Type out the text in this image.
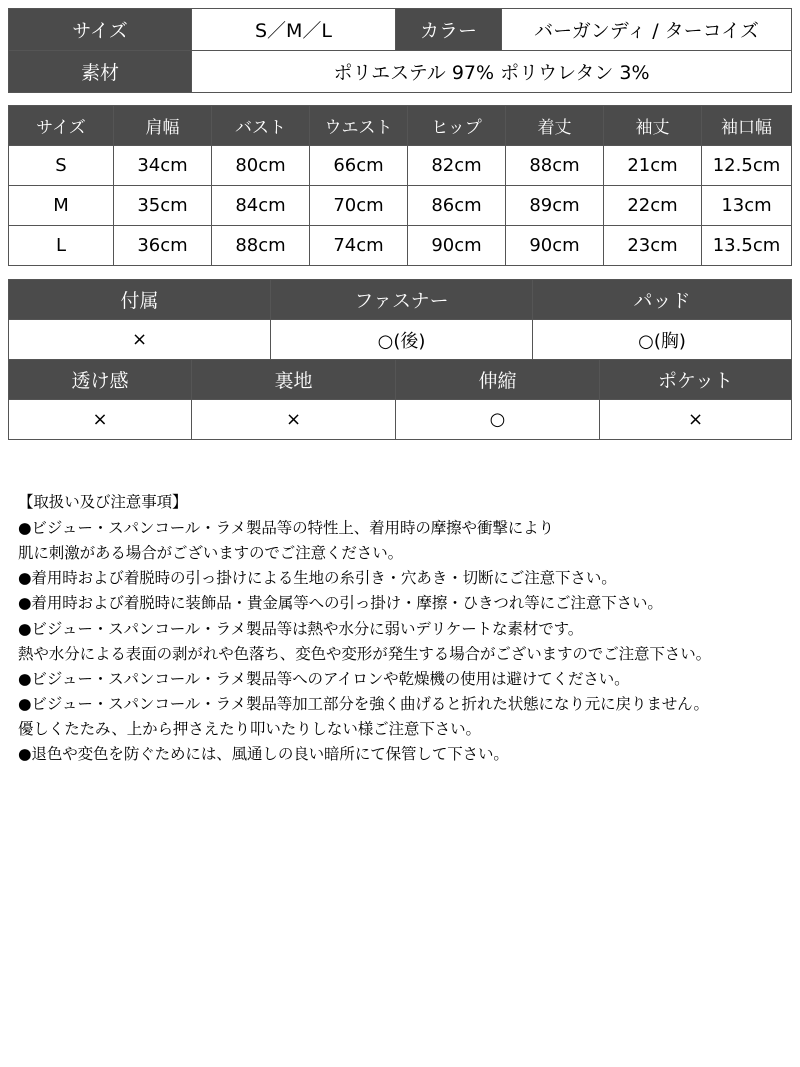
サイズ	S／M／L	カラー	バーガンディ / ターコイズ
素材	ポリエステル 97% ポリウレタン 3%		
サイズ	肩幅	バスト	ウエスト	ヒップ	着丈	袖丈	袖口幅
S	34cm	80cm	66cm	82cm	88cm	21cm	12.5cm
M	35cm	84cm	70cm	86cm	89cm	22cm	13cm
L	36cm	88cm	74cm	90cm	90cm	23cm	13.5cm
付属	ファスナー	パッド
×	○(後)	○(胸)
透け感	裏地	伸縮	ポケット
×	×	○	×

【取扱い及び注意事項】

●ビジュー・スパンコール・ラメ製品等の特性上、着用時の摩擦や衝撃により

肌に刺激がある場合がございますのでご注意ください。

●着用時および着脱時の引っ掛けによる生地の糸引き・穴あき・切断にご注意下さい。

●着用時および着脱時に装飾品・貴金属等への引っ掛け・摩擦・ひきつれ等にご注意下さい。

●ビジュー・スパンコール・ラメ製品等は熱や水分に弱いデリケートな素材です。

熱や水分による表面の剥がれや色落ち、変色や変形が発生する場合がございますのでご注意下さい。

●ビジュー・スパンコール・ラメ製品等へのアイロンや乾燥機の使用は避けてください。

●ビジュー・スパンコール・ラメ製品等加工部分を強く曲げると折れた状態になり元に戻りません。

優しくたたみ、上から押さえたり叩いたりしない様ご注意下さい。

●退色や変色を防ぐためには、風通しの良い暗所にて保管して下さい。
